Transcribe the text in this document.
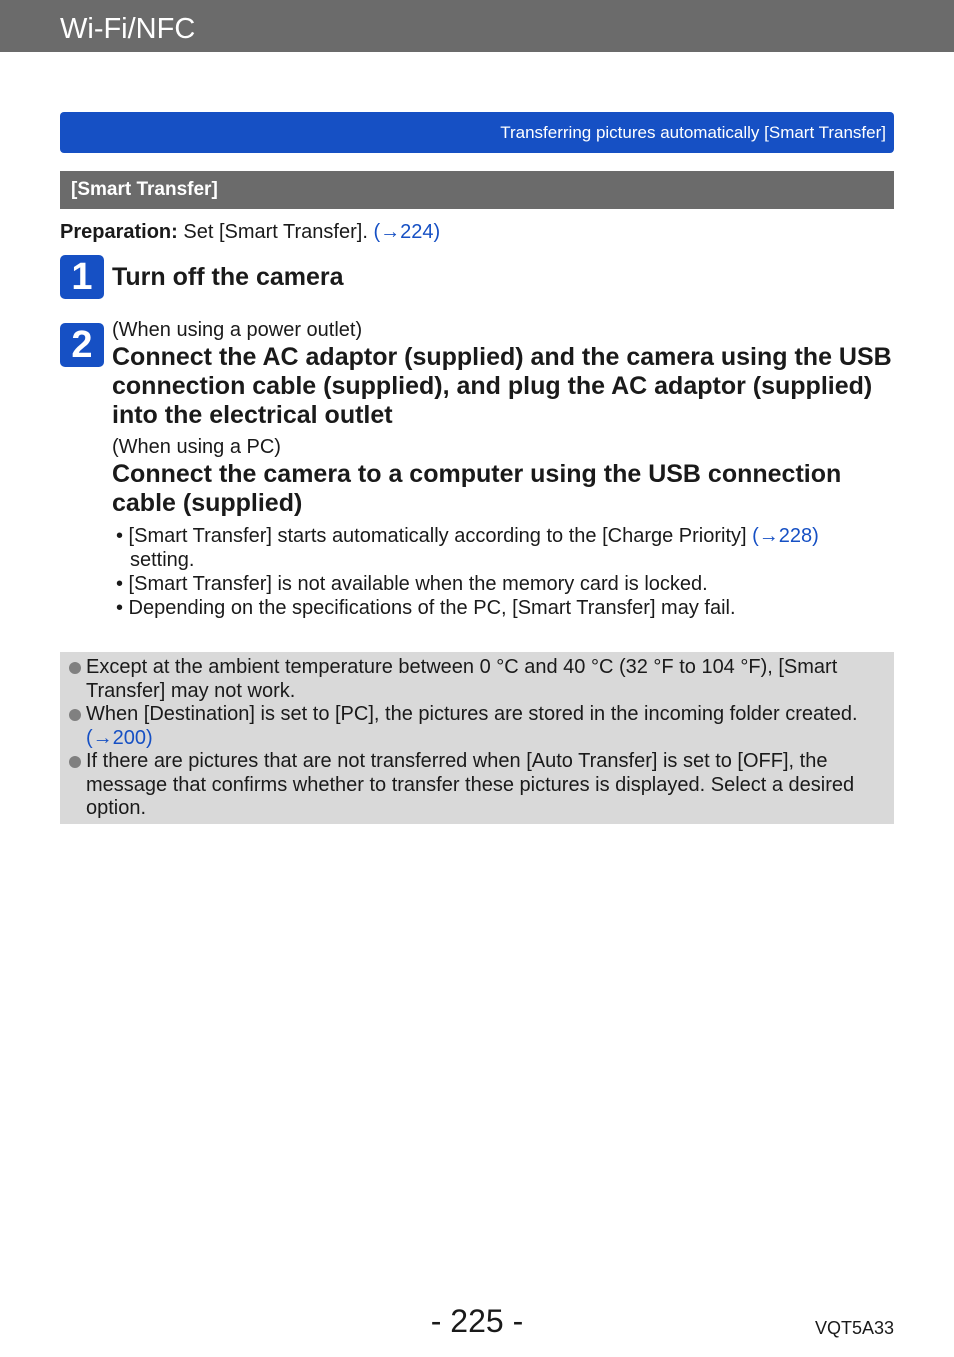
Wi-Fi/NFC
Transferring pictures automatically [Smart Transfer]
[Smart Transfer]
Preparation: Set [Smart Transfer]. (→224)
1 Turn off the camera
2 (When using a power outlet)
Connect the AC adaptor (supplied) and the camera using the USB connection cable (supplied), and plug the AC adaptor (supplied) into the electrical outlet
(When using a PC)
Connect the camera to a computer using the USB connection cable (supplied)
• [Smart Transfer] starts automatically according to the [Charge Priority] (→228) setting.
• [Smart Transfer] is not available when the memory card is locked.
• Depending on the specifications of the PC, [Smart Transfer] may fail.
Except at the ambient temperature between 0 °C and 40 °C (32 °F to 104 °F), [Smart Transfer] may not work.
When [Destination] is set to [PC], the pictures are stored in the incoming folder created. (→200)
If there are pictures that are not transferred when [Auto Transfer] is set to [OFF], the message that confirms whether to transfer these pictures is displayed. Select a desired option.
- 225 -	VQT5A33
